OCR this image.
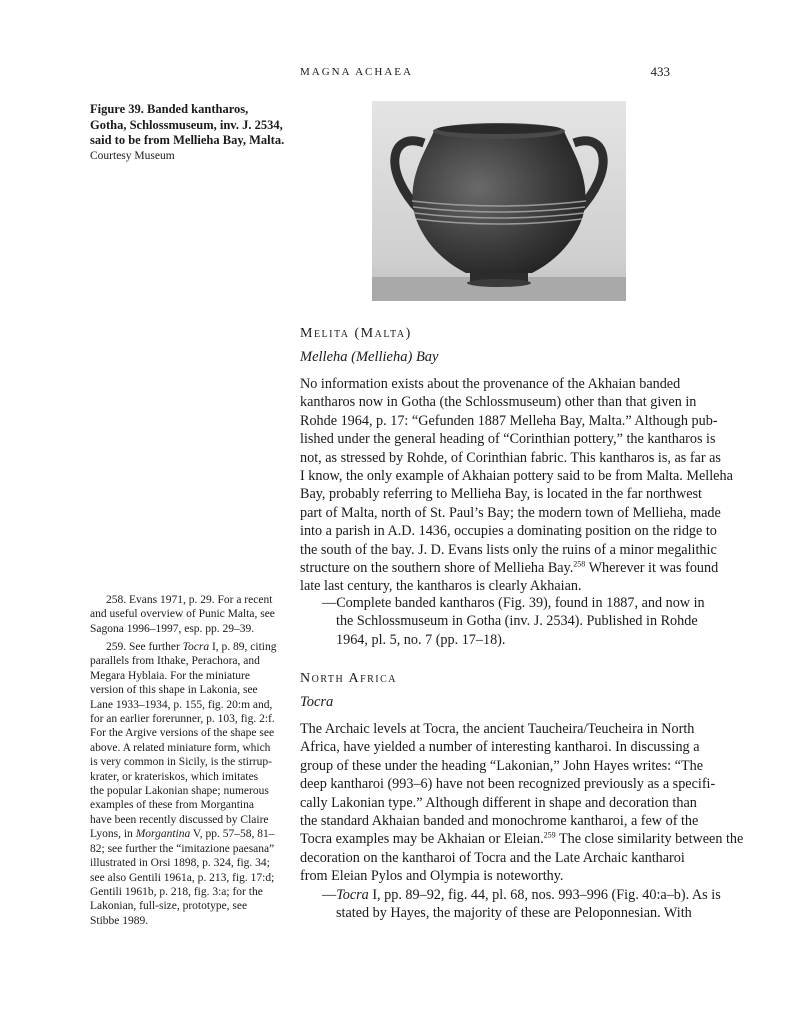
MAGNA ACHAEA	433
Figure 39. Banded kantharos,
Gotha, Schlossmuseum, inv. J. 2534,
said to be from Mellieha Bay, Malta.
Courtesy Museum
Melita (Malta)
Melleha (Mellieha) Bay

No information exists about the provenance of the Akhaian banded
kantharos now in Gotha (the Schlossmuseum) other than that given in
Rohde 1964, p. 17: “Gefunden 1887 Melleha Bay, Malta.” Although pub-
lished under the general heading of “Corinthian pottery,” the kantharos is
not, as stressed by Rohde, of Corinthian fabric. This kantharos is, as far as
I know, the only example of Akhaian pottery said to be from Malta. Melleha
Bay, probably referring to Mellieha Bay, is located in the far northwest
part of Malta, north of St. Paul’s Bay; the modern town of Mellieha, made
into a parish in A.D. 1436, occupies a dominating position on the ridge to
the south of the bay. J. D. Evans lists only the ruins of a minor megalithic
structure on the southern shore of Mellieha Bay.$^{258}$ Wherever it was found
late last century, the kantharos is clearly Akhaian.

—Complete banded kantharos (Fig. 39), found in 1887, and now in
the Schlossmuseum in Gotha (inv. J. 2534). Published in Rohde
1964, pl. 5, no. 7 (pp. 17–18).

North Africa
Tocra

The Archaic levels at Tocra, the ancient Taucheira/Teucheira in North
Africa, have yielded a number of interesting kantharoi. In discussing a
group of these under the heading “Lakonian,” John Hayes writes: “The
deep kantharoi (993–6) have not been recognized previously as a specifi-
cally Lakonian type.” Although different in shape and decoration than
the standard Akhaian banded and monochrome kantharoi, a few of the
Tocra examples may be Akhaian or Eleian.$^{259}$ The close similarity between the
decoration on the kantharoi of Tocra and the Late Archaic kantharoi
from Eleian Pylos and Olympia is noteworthy.

—Tocra I, pp. 89–92, fig. 44, pl. 68, nos. 993–996 (Fig. 40:a–b). As is
stated by Hayes, the majority of these are Peloponnesian. With

258. Evans 1971, p. 29. For a recent
and useful overview of Punic Malta, see
Sagona 1996–1997, esp. pp. 29–39.

259. See further Tocra I, p. 89, citing
parallels from Ithake, Perachora, and
Megara Hyblaia. For the miniature
version of this shape in Lakonia, see
Lane 1933–1934, p. 155, fig. 20:m and,
for an earlier forerunner, p. 103, fig. 2:f.
For the Argive versions of the shape see
above. A related miniature form, which
is very common in Sicily, is the stirrup-
krater, or krateriskos, which imitates
the popular Lakonian shape; numerous
examples of these from Morgantina
have been recently discussed by Claire
Lyons, in Morgantina V, pp. 57–58, 81–
82; see further the “imitazione paesana”
illustrated in Orsi 1898, p. 324, fig. 34;
see also Gentili 1961a, p. 213, fig. 17:d;
Gentili 1961b, p. 218, fig. 3:a; for the
Lakonian, full-size, prototype, see
Stibbe 1989.
